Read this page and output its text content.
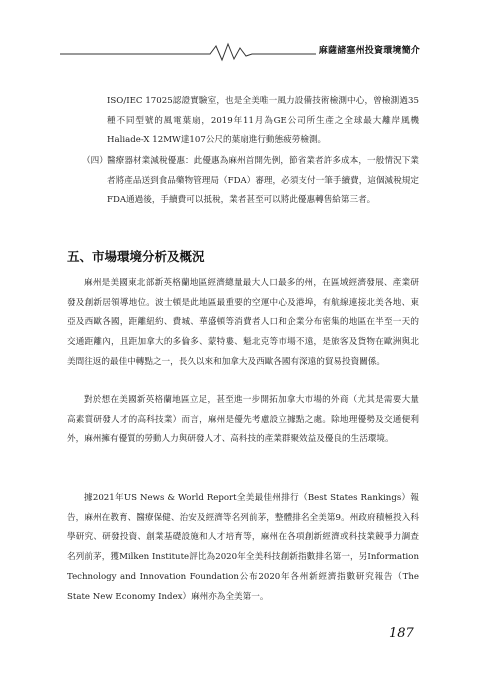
麻薩諸塞州投資環境簡介
ISO/IEC 17025認證實驗室，也是全美唯一風力設備技術檢測中心，曾檢測過35種不同型號的風電葉扇，2019年11月為GE公司所生產之全球最大離岸風機Haliade-X 12MW達107公尺的葉扇進行動態疲勞檢測。
（四） 醫療器材業減稅優惠：此優惠為麻州首開先例，節省業者許多成本，一般情況下業者將產品送到食品藥物管理局（FDA）審理，必須支付一筆手續費，這個減稅規定FDA通過後，手續費可以抵稅，業者甚至可以將此優惠轉售給第三者。
五、市場環境分析及概況
麻州是美國東北部新英格蘭地區經濟總量最大人口最多的州，在區域經濟發展、產業研發及創新居領導地位。波士頓是此地區最重要的空運中心及港埠，有航線連接北美各地、東亞及西歐各國，距離紐約、費城、華盛頓等消費者人口和企業分布密集的地區在半至一天的交通距離內，且距加拿大的多倫多、蒙特婁、魁北克等市場不遠，是旅客及貨物在歐洲與北美間往返的最佳中轉點之一，長久以來和加拿大及西歐各國有深遠的貿易投資關係。
對於想在美國新英格蘭地區立足，甚至進一步開拓加拿大市場的外商（尤其是需要大量高素質研發人才的高科技業）而言，麻州是優先考慮設立據點之處。除地理優勢及交通便利外，麻州擁有優質的勞動人力與研發人才、高科技的產業群聚效益及優良的生活環境。
據2021年US News & World Report全美最佳州排行（Best States Rankings）報告，麻州在教育、醫療保健、治安及經濟等名列前茅，整體排名全美第9。州政府積極投入科學研究、研發投資、創業基礎設施和人才培育等，麻州在各項創新經濟或科技業競爭力調查名列前茅，獲Milken Institute評比為2020年全美科技創新指數排名第一，另Information Technology and Innovation Foundation公布2020年各州新經濟指數研究報告（The State New Economy Index）麻州亦為全美第一。
187
